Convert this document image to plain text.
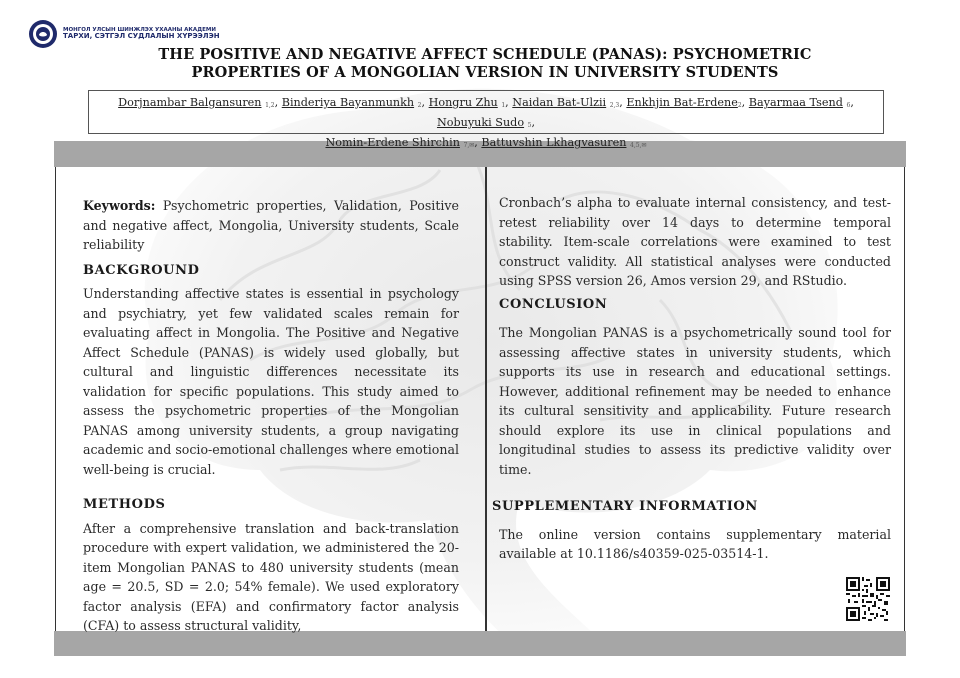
МОНГОЛ УЛСЫН ШИНЖЛЭХ УХААНЫ АКАДЕМИ
ТАРХИ, СЭТГЭЛ СУДЛАЛЫН ХҮРЭЭЛЭН
THE POSITIVE AND NEGATIVE AFFECT SCHEDULE (PANAS): PSYCHOMETRIC
PROPERTIES OF A MONGOLIAN VERSION IN UNIVERSITY STUDENTS
Dorjnambar Balgansuren $_{1,2}$, Binderiya Bayanmunkh $_2$, Hongru Zhu $_1$, Naidan Bat-Ulzii $_{2,3}$, Enkhjin Bat-Erdene$_2$, Bayarmaa Tsend $_6$, Nobuyuki Sudo $_5$,
Nomin-Erdene Shirchin $_{7,✉}$, Battuvshin Lkhagvasuren $_{4,5,✉}$

Keywords: Psychometric properties, Validation, Positive and negative affect, Mongolia, University students, Scale reliability

BACKGROUND

Understanding affective states is essential in psychology and psychiatry, yet few validated scales remain for evaluating affect in Mongolia. The Positive and Negative Affect Schedule (PANAS) is widely used globally, but cultural and linguistic differences necessitate its validation for specific populations. This study aimed to assess the psychometric properties of the Mongolian PANAS among university students, a group navigating academic and socio-emotional challenges where emotional well-being is crucial.

METHODS

After a comprehensive translation and back-translation procedure with expert validation, we administered the 20-item Mongolian PANAS to 480 university students (mean age = 20.5, SD = 2.0; 54% female). We used exploratory factor analysis (EFA) and confirmatory factor analysis (CFA) to assess structural validity,

Cronbach’s alpha to evaluate internal consistency, and test-retest reliability over 14 days to determine temporal stability. Item-scale correlations were examined to test construct validity. All statistical analyses were conducted using SPSS version 26, Amos version 29, and RStudio.

CONCLUSION

The Mongolian PANAS is a psychometrically sound tool for assessing affective states in university students, which supports its use in research and educational settings. However, additional refinement may be needed to enhance its cultural sensitivity and applicability. Future research should explore its use in clinical populations and longitudinal studies to assess its predictive validity over time.

SUPPLEMENTARY INFORMATION

The online version contains supplementary material available at 10.1186/s40359-025-03514-1.
